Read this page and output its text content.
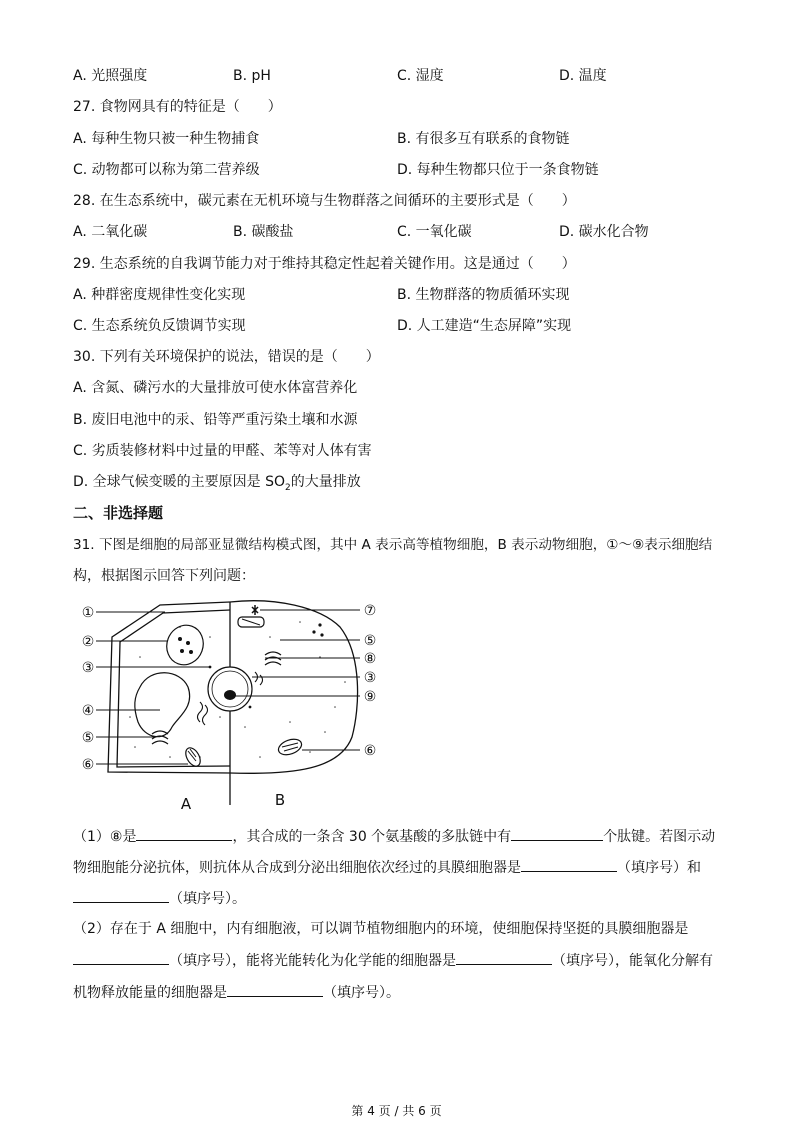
A. 光照强度	B. pH	C. 湿度	D. 温度
27. 食物网具有的特征是（　　）
A. 每种生物只被一种生物捕食	B. 有很多互有联系的食物链
C. 动物都可以称为第二营养级	D. 每种生物都只位于一条食物链
28. 在生态系统中，碳元素在无机环境与生物群落之间循环的主要形式是（　　）
A. 二氧化碳	B. 碳酸盐	C. 一氧化碳	D. 碳水化合物
29. 生态系统的自我调节能力对于维持其稳定性起着关键作用。这是通过（　　）
A. 种群密度规律性变化实现	B. 生物群落的物质循环实现
C. 生态系统负反馈调节实现	D. 人工建造“生态屏障”实现
30. 下列有关环境保护的说法，错误的是（　　）
A. 含氮、磷污水的大量排放可使水体富营养化
B. 废旧电池中的汞、铅等严重污染土壤和水源
C. 劣质装修材料中过量的甲醛、苯等对人体有害
D. 全球气候变暖的主要原因是 $SO_2$的大量排放
二、非选择题
31. 下图是细胞的局部亚显微结构模式图，其中 A 表示高等植物细胞，B 表示动物细胞，①～⑨表示细胞结
构，根据图示回答下列问题：
①
②
③
④
⑤
⑥
⑦
⑤
⑧
③
⑨
⑥
A	B
（1）⑧是	，其合成的一条含 30 个氨基酸的多肽链中有	个肽键。若图示动
物细胞能分泌抗体，则抗体从合成到分泌出细胞依次经过的具膜细胞器是	（填序号）和
（填序号）。
（2）存在于 A 细胞中，内有细胞液，可以调节植物细胞内的环境，使细胞保持坚挺的具膜细胞器是
（填序号），能将光能转化为化学能的细胞器是	（填序号），能氧化分解有
机物释放能量的细胞器是	（填序号）。
第 4 页 / 共 6 页
